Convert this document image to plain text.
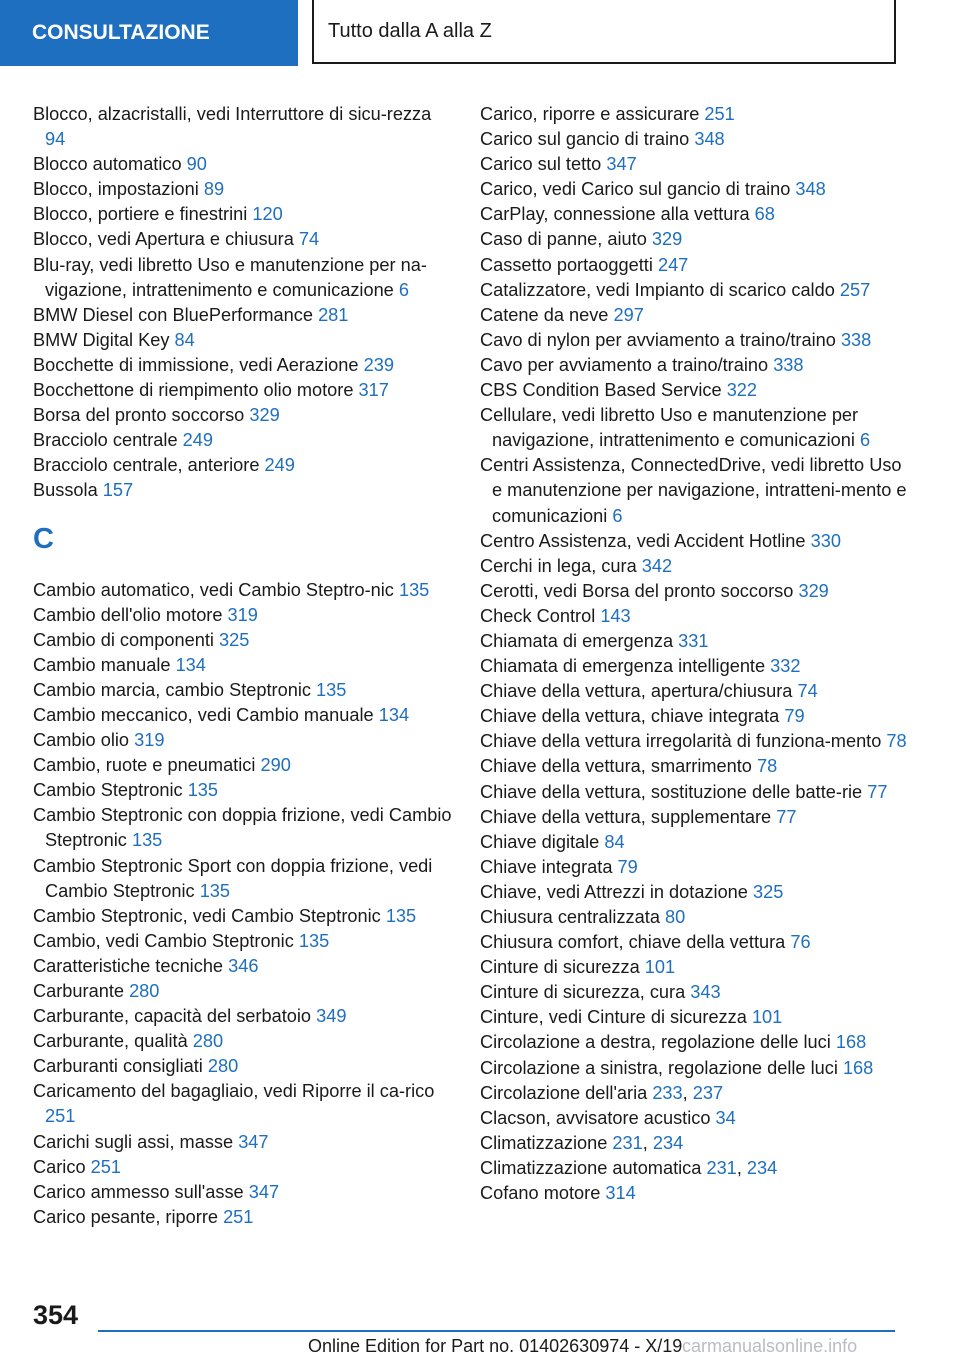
CONSULTAZIONE	Tutto dalla A alla Z
Blocco, alzacristalli, vedi Interruttore di sicu-rezza 94
Blocco automatico 90
Blocco, impostazioni 89
Blocco, portiere e finestrini 120
Blocco, vedi Apertura e chiusura 74
Blu-ray, vedi libretto Uso e manutenzione per na-vigazione, intrattenimento e comunicazione 6
BMW Diesel con BluePerformance 281
BMW Digital Key 84
Bocchette di immissione, vedi Aerazione 239
Bocchettone di riempimento olio motore 317
Borsa del pronto soccorso 329
Bracciolo centrale 249
Bracciolo centrale, anteriore 249
Bussola 157
C
Cambio automatico, vedi Cambio Steptro-nic 135
Cambio dell'olio motore 319
Cambio di componenti 325
Cambio manuale 134
Cambio marcia, cambio Steptronic 135
Cambio meccanico, vedi Cambio manuale 134
Cambio olio 319
Cambio, ruote e pneumatici 290
Cambio Steptronic 135
Cambio Steptronic con doppia frizione, vedi Cambio Steptronic 135
Cambio Steptronic Sport con doppia frizione, vedi Cambio Steptronic 135
Cambio Steptronic, vedi Cambio Steptronic 135
Cambio, vedi Cambio Steptronic 135
Caratteristiche tecniche 346
Carburante 280
Carburante, capacità del serbatoio 349
Carburante, qualità 280
Carburanti consigliati 280
Caricamento del bagagliaio, vedi Riporre il ca-rico 251
Carichi sugli assi, masse 347
Carico 251
Carico ammesso sull'asse 347
Carico pesante, riporre 251
Carico, riporre e assicurare 251
Carico sul gancio di traino 348
Carico sul tetto 347
Carico, vedi Carico sul gancio di traino 348
CarPlay, connessione alla vettura 68
Caso di panne, aiuto 329
Cassetto portaoggetti 247
Catalizzatore, vedi Impianto di scarico caldo 257
Catene da neve 297
Cavo di nylon per avviamento a traino/traino 338
Cavo per avviamento a traino/traino 338
CBS Condition Based Service 322
Cellulare, vedi libretto Uso e manutenzione per navigazione, intrattenimento e comunicazioni 6
Centri Assistenza, ConnectedDrive, vedi libretto Uso e manutenzione per navigazione, intratteni-mento e comunicazioni 6
Centro Assistenza, vedi Accident Hotline 330
Cerchi in lega, cura 342
Cerotti, vedi Borsa del pronto soccorso 329
Check Control 143
Chiamata di emergenza 331
Chiamata di emergenza intelligente 332
Chiave della vettura, apertura/chiusura 74
Chiave della vettura, chiave integrata 79
Chiave della vettura irregolarità di funziona-mento 78
Chiave della vettura, smarrimento 78
Chiave della vettura, sostituzione delle batte-rie 77
Chiave della vettura, supplementare 77
Chiave digitale 84
Chiave integrata 79
Chiave, vedi Attrezzi in dotazione 325
Chiusura centralizzata 80
Chiusura comfort, chiave della vettura 76
Cinture di sicurezza 101
Cinture di sicurezza, cura 343
Cinture, vedi Cinture di sicurezza 101
Circolazione a destra, regolazione delle luci 168
Circolazione a sinistra, regolazione delle luci 168
Circolazione dell'aria 233, 237
Clacson, avvisatore acustico 34
Climatizzazione 231, 234
Climatizzazione automatica 231, 234
Cofano motore 314
354
Online Edition for Part no. 01402630974 - X/19 carmanualsonline.info
